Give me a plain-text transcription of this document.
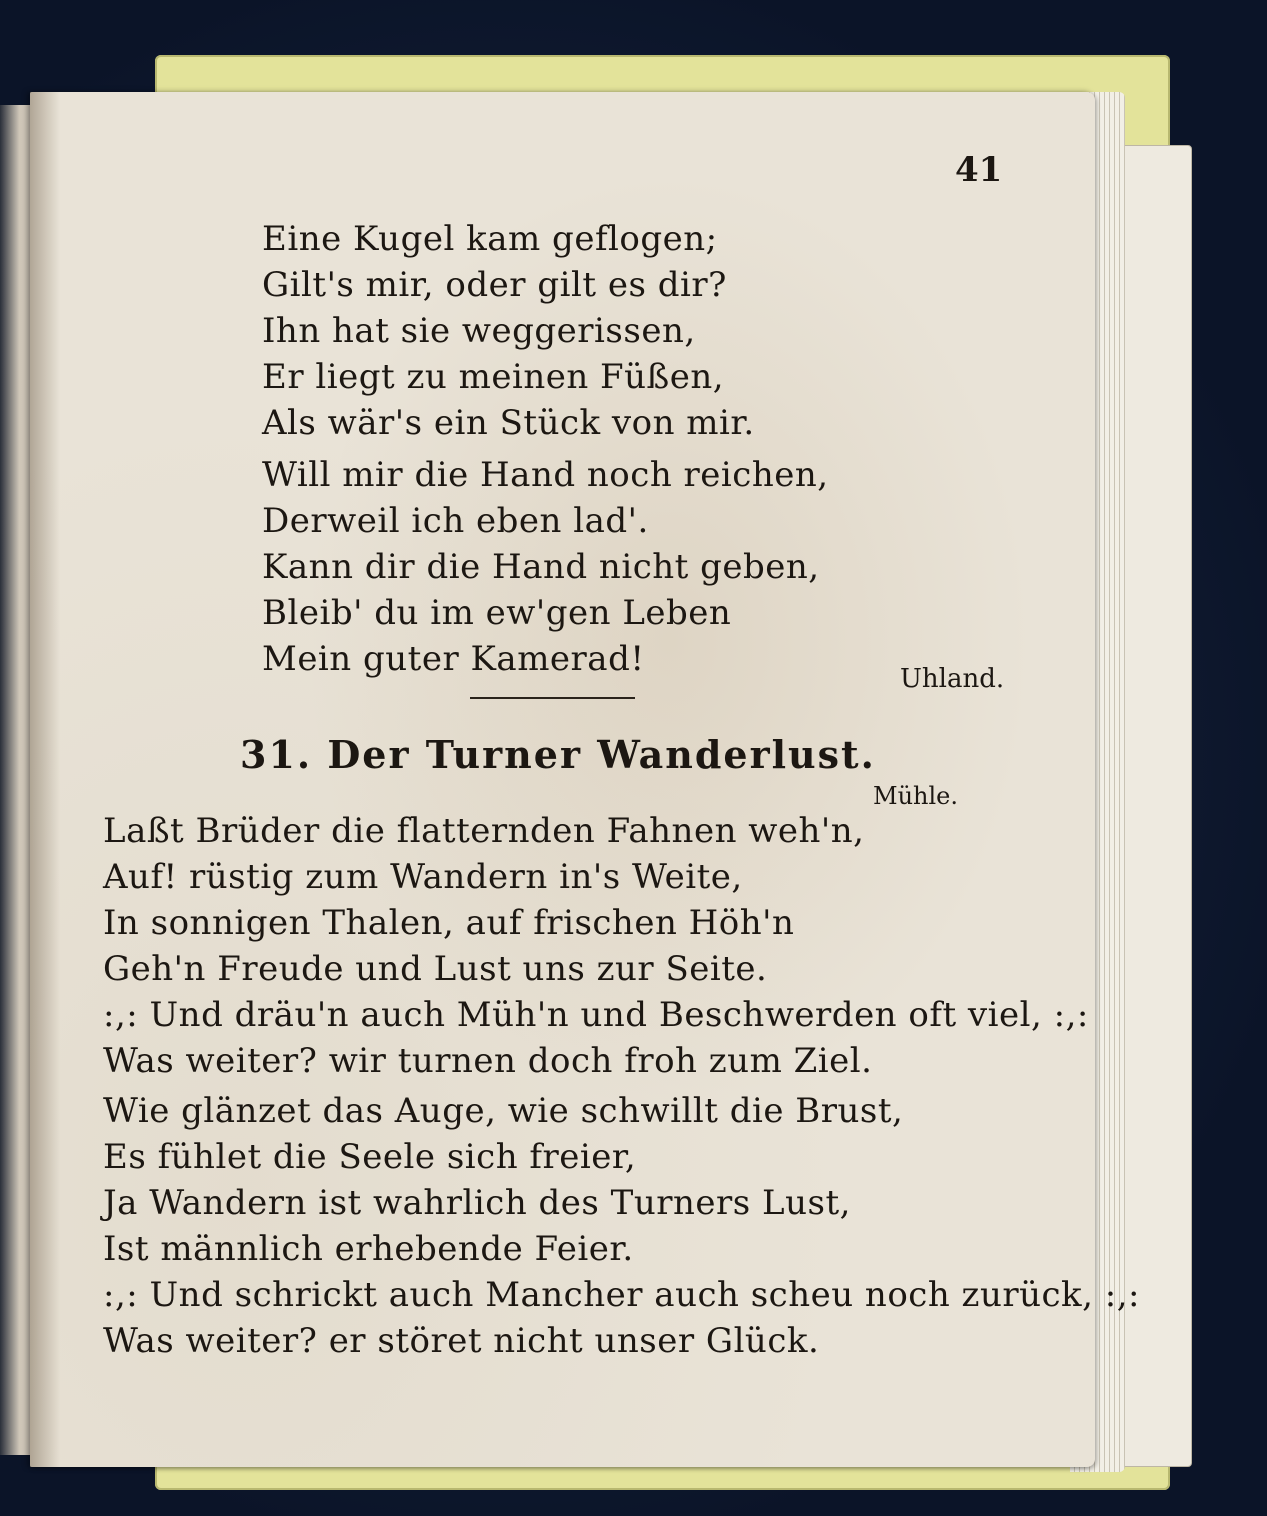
41
Eine Kugel kam geflogen;
Gilt's mir, oder gilt es dir?
Ihn hat sie weggerissen,
Er liegt zu meinen Füßen,
Als wär's ein Stück von mir.
Will mir die Hand noch reichen,
Derweil ich eben lad'.
Kann dir die Hand nicht geben,
Bleib' du im ew'gen Leben
Mein guter Kamerad!	Uhland.
31. Der Turner Wanderlust.
Mühle.
Laßt Brüder die flatternden Fahnen weh'n,
Auf! rüstig zum Wandern in's Weite,
In sonnigen Thalen, auf frischen Höh'n
Geh'n Freude und Lust uns zur Seite.
:,: Und dräu'n auch Müh'n und Beschwerden oft viel, :,:
Was weiter? wir turnen doch froh zum Ziel.
Wie glänzet das Auge, wie schwillt die Brust,
Es fühlet die Seele sich freier,
Ja Wandern ist wahrlich des Turners Lust,
Ist männlich erhebende Feier.
:,: Und schrickt auch Mancher auch scheu noch zurück, :,:
Was weiter? er störet nicht unser Glück.
